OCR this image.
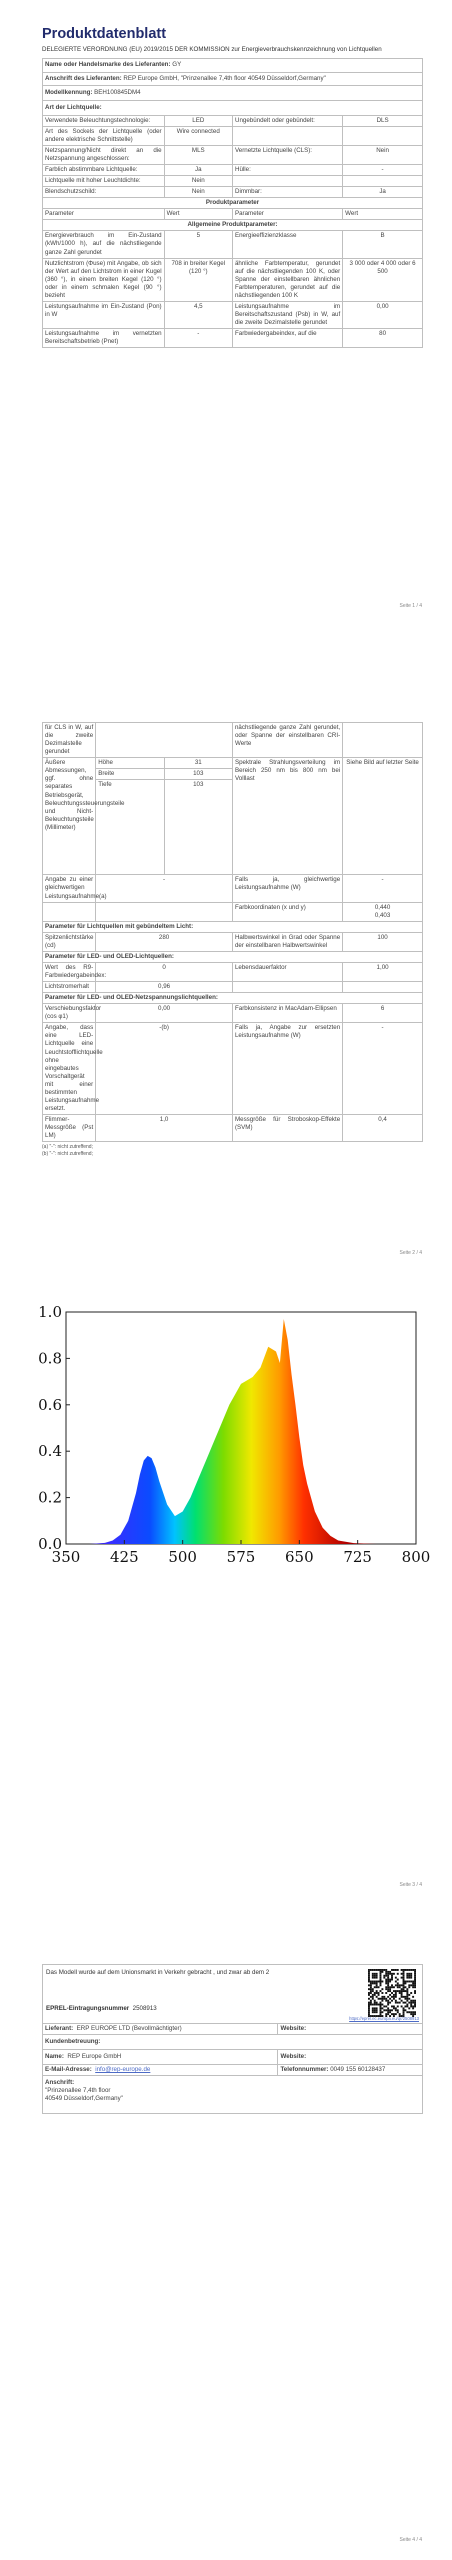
Produktdatenblatt
DELEGIERTE VERORDNUNG (EU) 2019/2015 DER KOMMISSION zur Energieverbrauchskennzeichnung von Lichtquellen
Name oder Handelsmarke des Lieferanten: GY			
Anschrift des Lieferanten: REP Europe GmbH, "Prinzenallee 7,4th floor 40549 Düsseldorf,Germany"			
Modellkennung: BEH100845DM4			
Art der Lichtquelle:			
Verwendete Beleuchtungstechnologie:	LED	Ungebündelt oder gebündelt:	DLS
Art des Sockels der Lichtquelle (oder andere elektrische Schnittstelle)	Wire connected		
Netzspannung/Nicht direkt an die Netzspannung angeschlossen:	MLS	Vernetzte Lichtquelle (CLS):	Nein
Farblich abstimmbare Lichtquelle:	Ja	Hülle:	-
Lichtquelle mit hoher Leuchtdichte:	Nein		
Blendschutzschild:	Nein	Dimmbar:	Ja
Produktparameter			
Parameter	Wert	Parameter	Wert
Allgemeine Produktparameter:			
Energieverbrauch im Ein-Zustand (kWh/1000 h), auf die nächstliegende ganze Zahl gerundet	5	Energieeffizienzklasse	B
Nutzlichtstrom (Φuse) mit Angabe, ob sich der Wert auf den Lichtstrom in einer Kugel (360 °), in einem breiten Kegel (120 °) oder in einem schmalen Kegel (90 °) bezieht	708 in breiter Kegel (120 °)	ähnliche Farbtemperatur, gerundet auf die nächstliegenden 100 K, oder Spanne der einstellbaren ähnlichen Farbtemperaturen, gerundet auf die nächstliegenden 100 K	3 000 oder 4 000 oder 6 500
Leistungsaufnahme im Ein-Zustand (Pon) in W	4,5	Leistungsaufnahme im Bereitschaftszustand (Psb) in W, auf die zweite Dezimalstelle gerundet	0,00
Leistungsaufnahme im vernetzten Bereitschaftsbetrieb (Pnet)	-	Farbwiedergabeindex, auf die	80
Seite 1 / 4
für CLS in W, auf die zweite Dezimalstelle gerundet			nächstliegende ganze Zahl gerundet, oder Spanne der einstellbaren CRI-Werte	
Äußere Abmessungen, ggf. ohne separates Betriebsgerät, Beleuchtungssteuerungsteile und Nicht-Beleuchtungsteile (Millimeter)	Höhe	31	Spektrale Strahlungsverteilung im Bereich 250 nm bis 800 nm bei Volllast	Siehe Bild auf letzter Seite
	Breite	103		
	Tiefe	103		
Angabe zu einer gleichwertigen Leistungsaufnahme(a)	-		Falls ja, gleichwertige Leistungsaufnahme (W)	-
			Farbkoordinaten (x und y)	0,440
0,403
Parameter für Lichtquellen mit gebündeltem Licht:				
Spitzenlichtstärke (cd)	280		Halbwertswinkel in Grad oder Spanne der einstellbaren Halbwertswinkel	100
Parameter für LED- und OLED-Lichtquellen:				
Wert des R9-Farbwiedergabeindex:	0		Lebensdauerfaktor	1,00
Lichtstromerhalt	0,96			
Parameter für LED- und OLED-Netzspannungslichtquellen:				
Verschiebungsfaktor (cos φ1)	0,00		Farbkonsistenz in MacAdam-Ellipsen	6
Angabe, dass eine LED-Lichtquelle eine Leuchtstofflichtquelle ohne eingebautes Vorschaltgerät mit einer bestimmten Leistungsaufnahme ersetzt.	-(b)		Falls ja, Angabe zur ersetzten Leistungsaufnahme (W)	-
Flimmer-Messgröße (Pst LM)	1,0		Messgröße für Stroboskop-Effekte (SVM)	0,4
(a) "-": nicht zutreffend;
(b) "-": nicht zutreffend;
Seite 2 / 4
0.0
0.2
0.4
0.6
0.8
1.0
350 425 500 575 650 725 800
Seite 3 / 4
Das Modell wurde auf dem Unionsmarkt in Verkehr gebracht , und zwar ab dem 2
EPREL-Eintragungsnummer 2508913
https://eprel.ec.europa.eu/qr/2508913
Lieferant: ERP EUROPE LTD (Bevollmächtigter)	Website:
Kundenbetreuung:	
Name: REP Europe GmbH	Website:
E-Mail-Adresse: info@rep-europe.de	Telefonnummer: 0049 155 60128437
Anschrift:
"Prinzenallee 7,4th floor
40549 Düsseldorf,Germany"	
Seite 4 / 4
